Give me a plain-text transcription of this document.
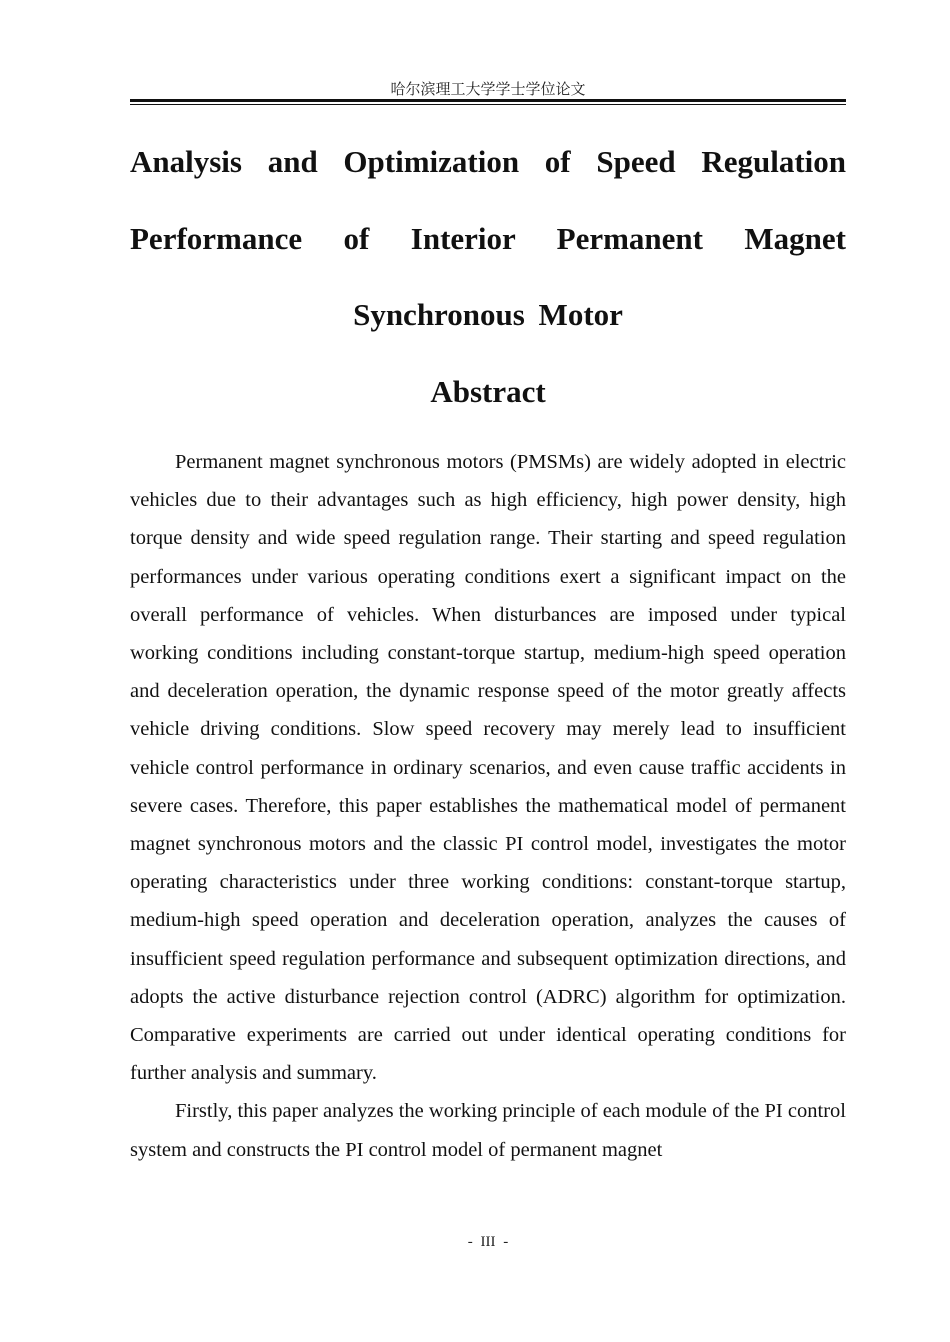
哈尔滨理工大学学士学位论文
Analysis and Optimization of Speed Regulation Performance of Interior Permanent Magnet Synchronous Motor
Abstract

Permanent magnet synchronous motors (PMSMs) are widely adopted in electric vehicles due to their advantages such as high efficiency, high power density, high torque density and wide speed regulation range. Their starting and speed regulation performances under various operating conditions exert a significant impact on the overall performance of vehicles. When disturbances are imposed under typical working conditions including constant-torque startup, medium-high speed operation and deceleration operation, the dynamic response speed of the motor greatly affects vehicle driving conditions. Slow speed recovery may merely lead to insufficient vehicle control performance in ordinary scenarios, and even cause traffic accidents in severe cases. Therefore, this paper establishes the mathematical model of permanent magnet synchronous motors and the classic PI control model, investigates the motor operating characteristics under three working conditions: constant-torque startup, medium-high speed operation and deceleration operation, analyzes the causes of insufficient speed regulation performance and subsequent optimization directions, and adopts the active disturbance rejection control (ADRC) algorithm for optimization. Comparative experiments are carried out under identical operating conditions for further analysis and summary.

Firstly, this paper analyzes the working principle of each module of the PI control system and constructs the PI control model of permanent magnet

- III -
